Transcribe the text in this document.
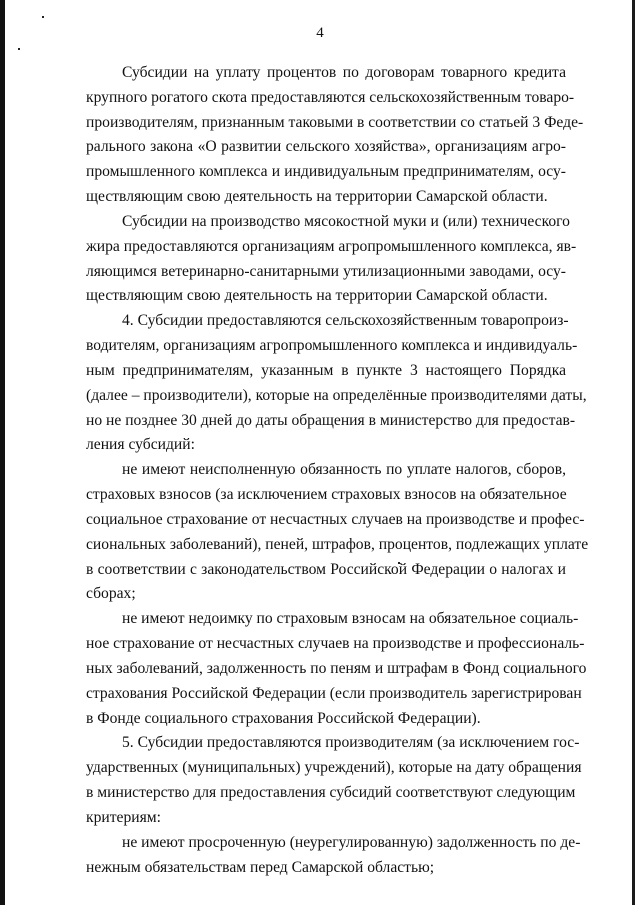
4
Субсидии на уплату процентов по договорам товарного кредита
крупного рогатого скота предоставляются сельскохозяйственным товаро-
производителям, признанным таковыми в соответствии со статьей 3 Феде-
рального закона «О развитии сельского хозяйства», организациям агро-
промышленного комплекса и индивидуальным предпринимателям, осу-
ществляющим свою деятельность на территории Самарской области.
Субсидии на производство мясокостной муки и (или) технического
жира предоставляются организациям агропромышленного комплекса, яв-
ляющимся ветеринарно-санитарными утилизационными заводами, осу-
ществляющим свою деятельность на территории Самарской области.
4. Субсидии предоставляются сельскохозяйственным товаропроиз-
водителям, организациям агропромышленного комплекса и индивидуаль-
ным предпринимателям, указанным в пункте 3 настоящего Порядка
(далее – производители), которые на определённые производителями даты,
но не позднее 30 дней до даты обращения в министерство для предостав-
ления субсидий:
не имеют неисполненную обязанность по уплате налогов, сборов,
страховых взносов (за исключением страховых взносов на обязательное
социальное страхование от несчастных случаев на производстве и профес-
сиональных заболеваний), пеней, штрафов, процентов, подлежащих уплате
в соответствии с законодательством Российской Федерации о налогах и
сборах;
не имеют недоимку по страховым взносам на обязательное социаль-
ное страхование от несчастных случаев на производстве и профессиональ-
ных заболеваний, задолженность по пеням и штрафам в Фонд социального
страхования Российской Федерации (если производитель зарегистрирован
в Фонде социального страхования Российской Федерации).
5. Субсидии предоставляются производителям (за исключением гос-
ударственных (муниципальных) учреждений), которые на дату обращения
в министерство для предоставления субсидий соответствуют следующим
критериям:
не имеют просроченную (неурегулированную) задолженность по де-
нежным обязательствам перед Самарской областью;
